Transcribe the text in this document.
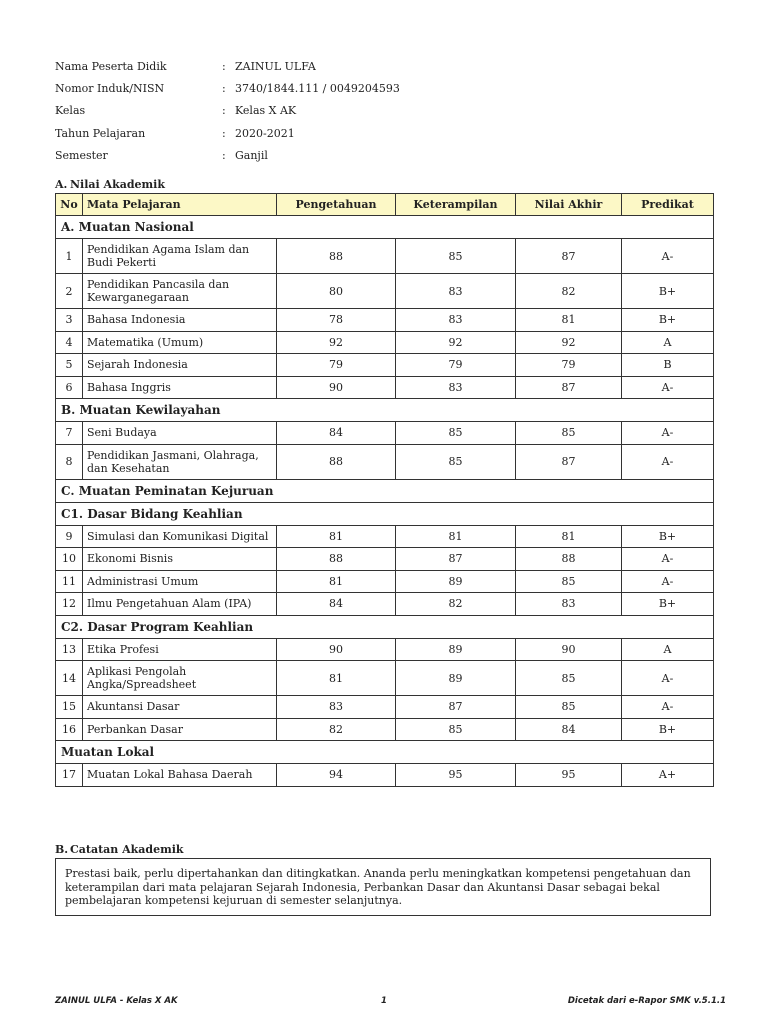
Nama Peserta Didik	: ZAINUL ULFA
Nomor Induk/NISN	: 3740/1844.111 / 0049204593
Kelas	: Kelas X AK
Tahun Pelajaran	: 2020-2021
Semester	: Ganjil
A. Nilai Akademik
No	Mata Pelajaran	Pengetahuan	Keterampilan	Nilai Akhir	Predikat
A. Muatan Nasional					
1	Pendidikan Agama Islam dan Budi Pekerti	88	85	87	A-
2	Pendidikan Pancasila dan Kewarganegaraan	80	83	82	B+
3	Bahasa Indonesia	78	83	81	B+
4	Matematika (Umum)	92	92	92	A
5	Sejarah Indonesia	79	79	79	B
6	Bahasa Inggris	90	83	87	A-
B. Muatan Kewilayahan					
7	Seni Budaya	84	85	85	A-
8	Pendidikan Jasmani, Olahraga, dan Kesehatan	88	85	87	A-
C. Muatan Peminatan Kejuruan					
C1. Dasar Bidang Keahlian					
9	Simulasi dan Komunikasi Digital	81	81	81	B+
10	Ekonomi Bisnis	88	87	88	A-
11	Administrasi Umum	81	89	85	A-
12	Ilmu Pengetahuan Alam (IPA)	84	82	83	B+
C2. Dasar Program Keahlian					
13	Etika Profesi	90	89	90	A
14	Aplikasi Pengolah Angka/Spreadsheet	81	89	85	A-
15	Akuntansi Dasar	83	87	85	A-
16	Perbankan Dasar	82	85	84	B+
Muatan Lokal					
17	Muatan Lokal Bahasa Daerah	94	95	95	A+
B. Catatan Akademik
Prestasi baik, perlu dipertahankan dan ditingkatkan. Ananda perlu meningkatkan kompetensi pengetahuan dan keterampilan dari mata pelajaran Sejarah Indonesia, Perbankan Dasar dan Akuntansi Dasar sebagai bekal pembelajaran kompetensi kejuruan di semester selanjutnya.
ZAINUL ULFA - Kelas X AK	1	Dicetak dari e-Rapor SMK v.5.1.1
